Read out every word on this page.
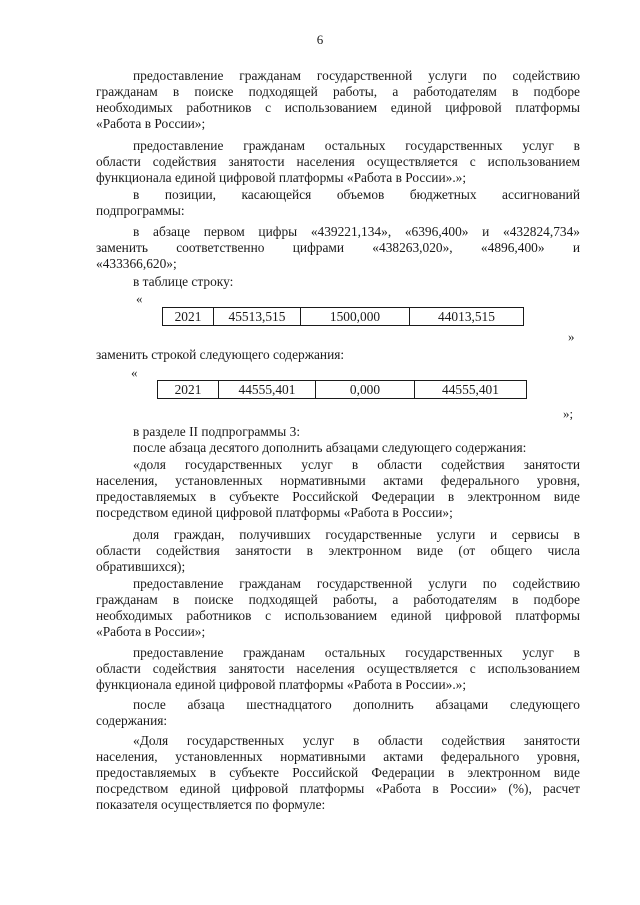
6
предоставление гражданам государственной услуги по содействию
гражданам в поиске подходящей работы, а работодателям в подборе
необходимых работников с использованием единой цифровой платформы
«Работа в России»;
предоставление гражданам остальных государственных услуг в
области содействия занятости населения осуществляется с использованием
функционала единой цифровой платформы «Работа в России».»;
в позиции, касающейся объемов бюджетных ассигнований
подпрограммы:
в абзаце первом цифры «439221,134», «6396,400» и «432824,734»
заменить соответственно цифрами «438263,020», «4896,400» и
«433366,620»;
в таблице строку:
«
2021	45513,515	1500,000	44013,515
»
заменить строкой следующего содержания:
«
2021	44555,401	0,000	44555,401
»;
в разделе II подпрограммы 3:
после абзаца десятого дополнить абзацами следующего содержания:
«доля государственных услуг в области содействия занятости
населения, установленных нормативными актами федерального уровня,
предоставляемых в субъекте Российской Федерации в электронном виде
посредством единой цифровой платформы «Работа в России»;
доля граждан, получивших государственные услуги и сервисы в
области содействия занятости в электронном виде (от общего числа
обратившихся);
предоставление гражданам государственной услуги по содействию
гражданам в поиске подходящей работы, а работодателям в подборе
необходимых работников с использованием единой цифровой платформы
«Работа в России»;
предоставление гражданам остальных государственных услуг в
области содействия занятости населения осуществляется с использованием
функционала единой цифровой платформы «Работа в России».»;
после абзаца шестнадцатого дополнить абзацами следующего
содержания:
«Доля государственных услуг в области содействия занятости
населения, установленных нормативными актами федерального уровня,
предоставляемых в субъекте Российской Федерации в электронном виде
посредством единой цифровой платформы «Работа в России» (%), расчет
показателя осуществляется по формуле:
